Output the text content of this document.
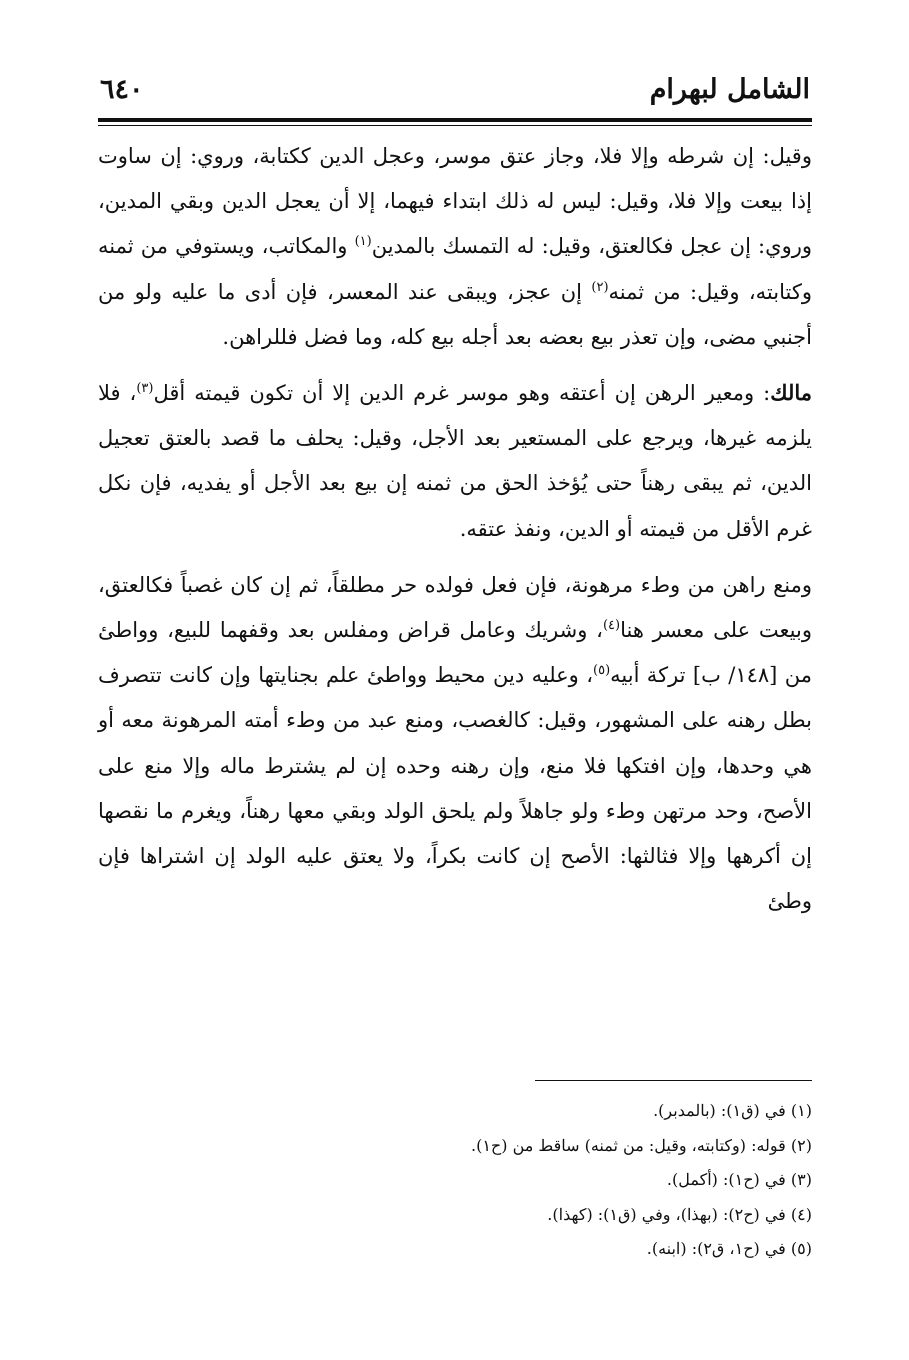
الشامل لبهرام
٦٤٠

وقيل: إن شرطه وإلا فلا، وجاز عتق موسر، وعجل الدين ككتابة، وروي: إن ساوت إذا بيعت وإلا فلا، وقيل: ليس له ذلك ابتداء فيهما، إلا أن يعجل الدين وبقي المدين، وروي: إن عجل فكالعتق، وقيل: له التمسك بالمدين$^{(١)}$ والمكاتب، ويستوفي من ثمنه وكتابته، وقيل: من ثمنه$^{(٢)}$ إن عجز، ويبقى عند المعسر، فإن أدى ما عليه ولو من أجنبي مضى، وإن تعذر بيع بعضه بعد أجله بيع كله، وما فضل فللراهن.

مالك: ومعير الرهن إن أعتقه وهو موسر غرم الدين إلا أن تكون قيمته أقل$^{(٣)}$، فلا يلزمه غيرها، ويرجع على المستعير بعد الأجل، وقيل: يحلف ما قصد بالعتق تعجيل الدين، ثم يبقى رهناً حتى يُؤخذ الحق من ثمنه إن بيع بعد الأجل أو يفديه، فإن نكل غرم الأقل من قيمته أو الدين، ونفذ عتقه.

ومنع راهن من وطء مرهونة، فإن فعل فولده حر مطلقاً، ثم إن كان غصباً فكالعتق، وبيعت على معسر هنا$^{(٤)}$، وشريك وعامل قراض ومفلس بعد وقفهما للبيع، وواطئ من [١٤٨/ ب] تركة أبيه$^{(٥)}$، وعليه دين محيط وواطئ علم بجنايتها وإن كانت تتصرف بطل رهنه على المشهور، وقيل: كالغصب، ومنع عبد من وطء أمته المرهونة معه أو هي وحدها، وإن افتكها فلا منع، وإن رهنه وحده إن لم يشترط ماله وإلا منع على الأصح، وحد مرتهن وطء ولو جاهلاً ولم يلحق الولد وبقي معها رهناً، ويغرم ما نقصها إن أكرهها وإلا فثالثها: الأصح إن كانت بكراً، ولا يعتق عليه الولد إن اشتراها فإن وطئ

(١) في (ق١): (بالمدبر).

(٢) قوله: (وكتابته، وقيل: من ثمنه) ساقط من (ح١).

(٣) في (ح١): (أكمل).

(٤) في (ح٢): (بهذا)، وفي (ق١): (كهذا).

(٥) في (ح١، ق٢): (ابنه).
